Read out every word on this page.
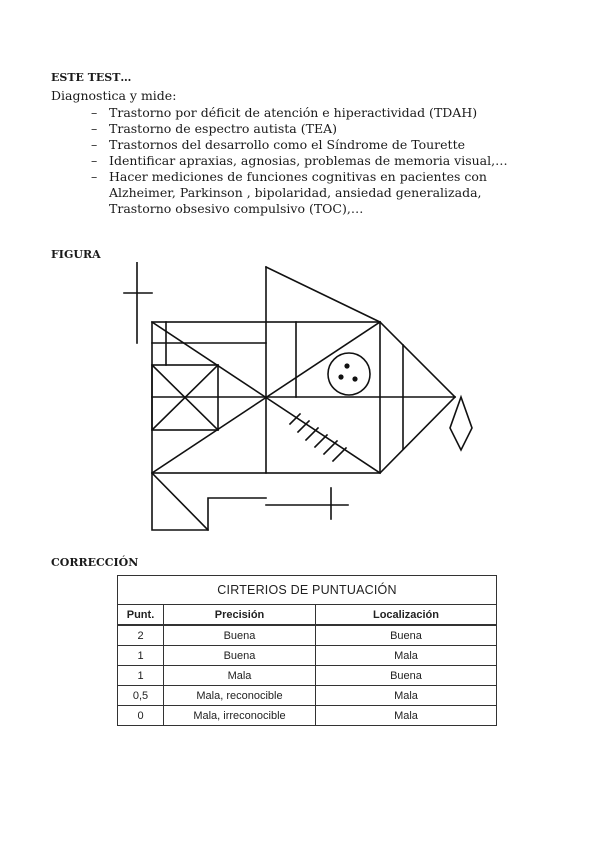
ESTE TEST…
Diagnostica y mide:
– Trastorno por déficit de atención e hiperactividad (TDAH)
– Trastorno de espectro autista (TEA)
– Trastornos del desarrollo como el Síndrome de Tourette
– Identificar apraxias, agnosias, problemas de memoria visual,…
– Hacer mediciones de funciones cognitivas en pacientes con Alzheimer, Parkinson , bipolaridad, ansiedad generalizada, Trastorno obsesivo compulsivo (TOC),…
FIGURA
CORRECCIÓN
CIRTERIOS DE PUNTUACIÓN		
Punt.	Precisión	Localización
2	Buena	Buena
1	Buena	Mala
1	Mala	Buena
0,5	Mala, reconocible	Mala
0	Mala, irreconocible	Mala
